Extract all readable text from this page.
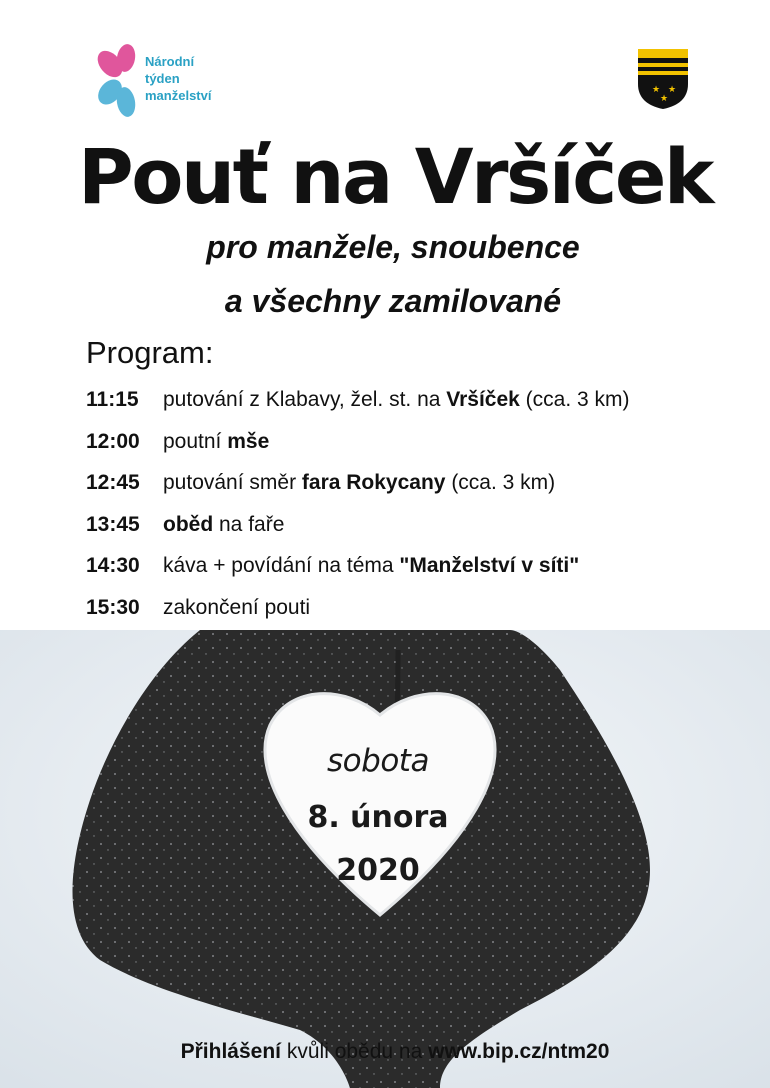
Národní
týden
manželství	★ ★
★
Pouť na Vršíček
pro manžele, snoubence
a všechny zamilované
Program:
11:15 putování z Klabavy, žel. st. na Vršíček (cca. 3 km)
12:00 poutní mše
12:45 putování směr fara Rokycany (cca. 3 km)
13:45 oběd na faře
14:30 káva + povídání na téma "Manželství v síti"
15:30 zakončení pouti
sobota
8. února
2020
Přihlášení kvůli obědu na www.bip.cz/ntm20
